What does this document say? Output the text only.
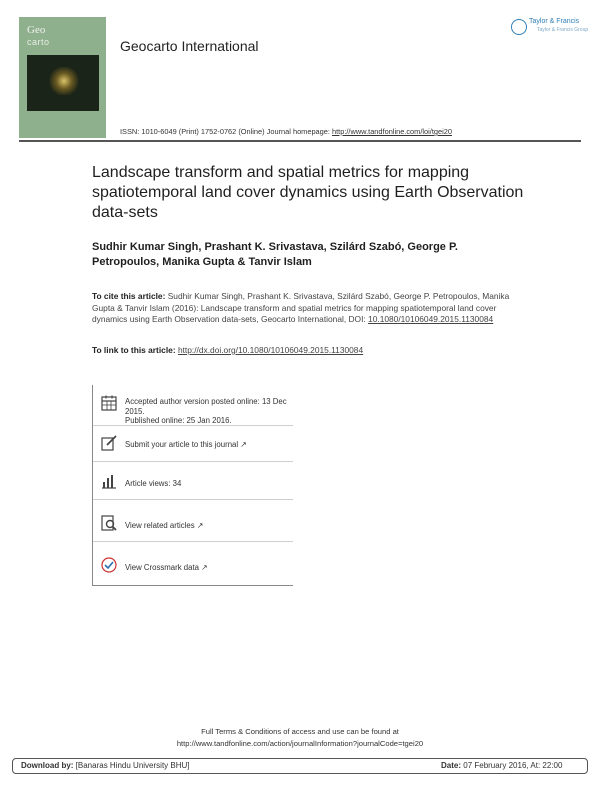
Geo
carto	Geocarto International
Taylor & Francis
Taylor & Francis Group
ISSN: 1010-6049 (Print) 1752-0762 (Online) Journal homepage: http://www.tandfonline.com/loi/tgei20
Landscape transform and spatial metrics for mapping spatiotemporal land cover dynamics using Earth Observation data-sets
Sudhir Kumar Singh, Prashant K. Srivastava, Szilárd Szabó, George P. Petropoulos, Manika Gupta & Tanvir Islam
To cite this article: Sudhir Kumar Singh, Prashant K. Srivastava, Szilárd Szabó, George P. Petropoulos, Manika Gupta & Tanvir Islam (2016): Landscape transform and spatial metrics for mapping spatiotemporal land cover dynamics using Earth Observation data-sets, Geocarto International, DOI: 10.1080/10106049.2015.1130084
To link to this article: http://dx.doi.org/10.1080/10106049.2015.1130084
Accepted author version posted online: 13 Dec 2015.
Published online: 25 Jan 2016.
Submit your article to this journal ↗
Article views: 34
View related articles ↗
View Crossmark data ↗
Full Terms & Conditions of access and use can be found at
http://www.tandfonline.com/action/journalInformation?journalCode=tgei20
Download by: [Banaras Hindu University BHU]	Date: 07 February 2016, At: 22:00
